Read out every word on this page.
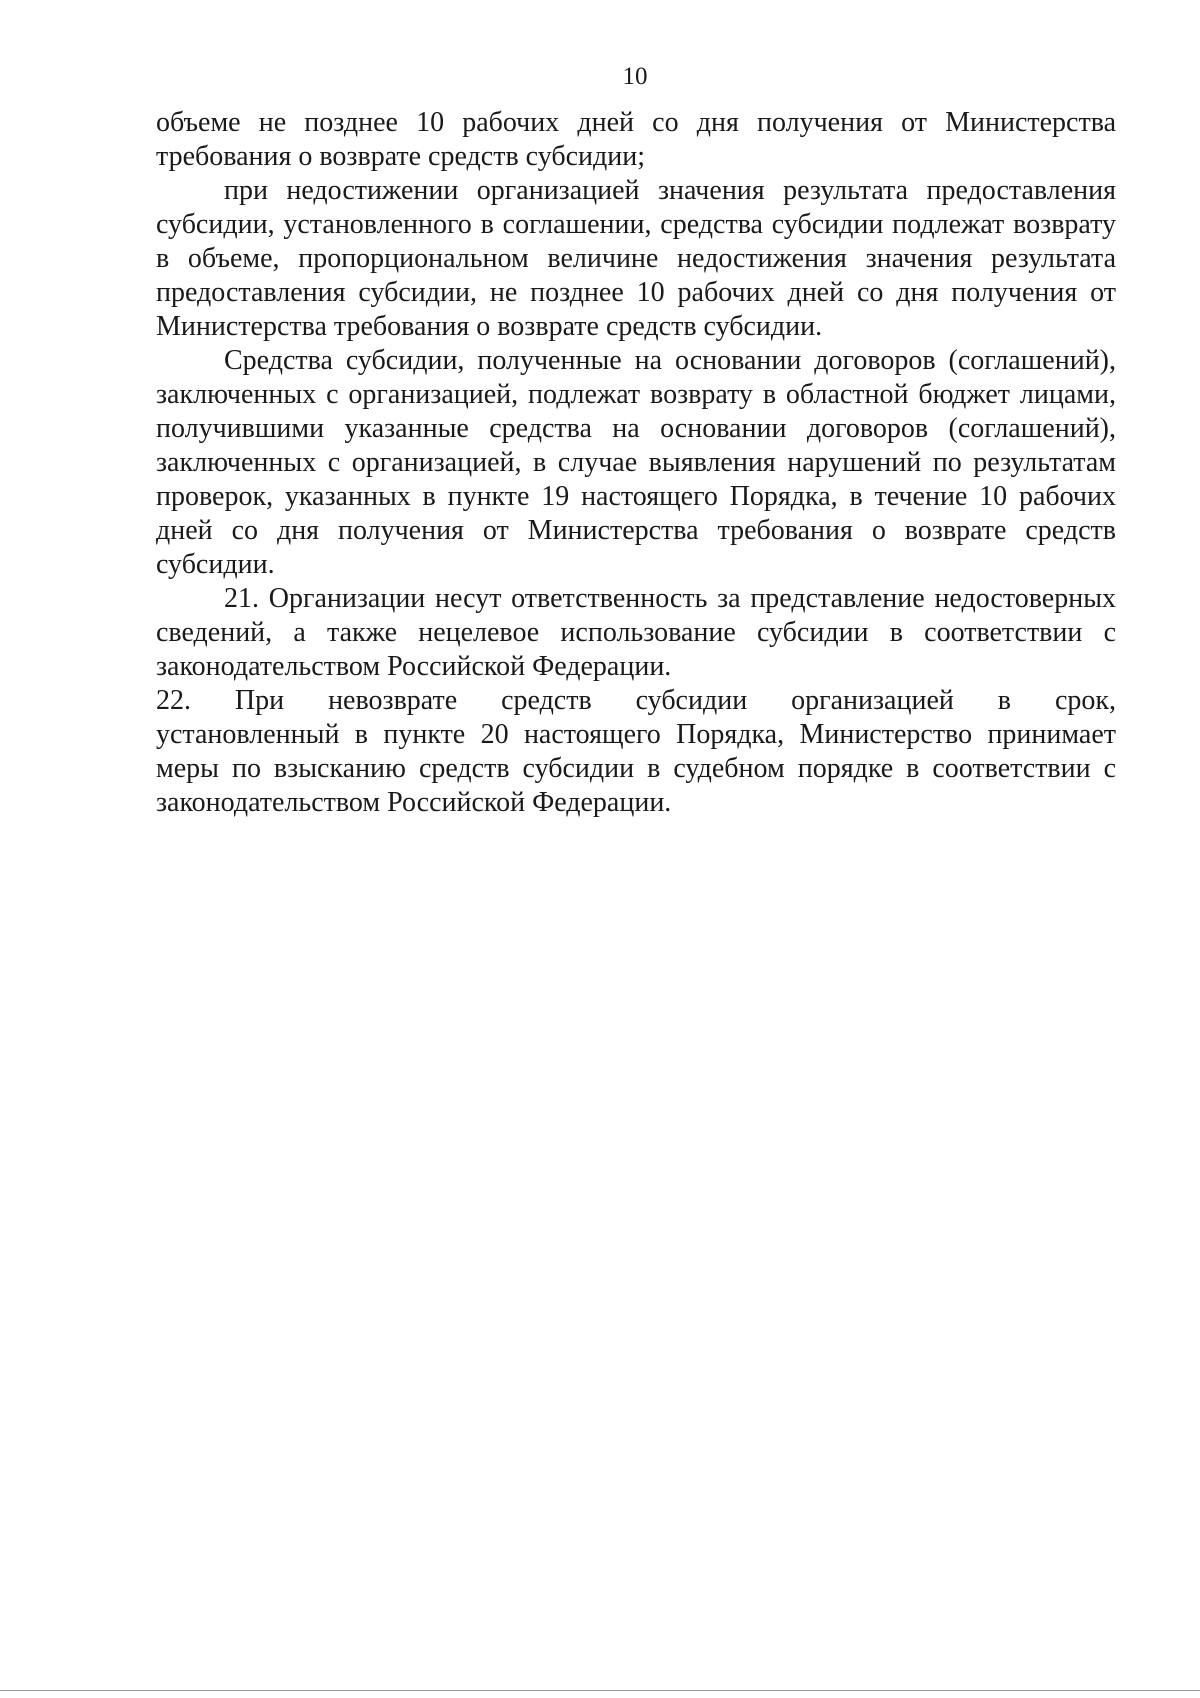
10

объеме не позднее 10 рабочих дней со дня получения от Министерства требования о возврате средств субсидии;

при недостижении организацией значения результата предоставления субсидии, установленного в соглашении, средства субсидии подлежат возврату в объеме, пропорциональном величине недостижения значения результата предоставления субсидии, не позднее 10 рабочих дней со дня получения от Министерства требования о возврате средств субсидии.

Средства субсидии, полученные на основании договоров (соглашений), заключенных с организацией, подлежат возврату в областной бюджет лицами, получившими указанные средства на основании договоров (соглашений), заключенных с организацией, в случае выявления нарушений по результатам проверок, указанных в пункте 19 настоящего Порядка, в течение 10 рабочих дней со дня получения от Министерства требования о возврате средств субсидии.

21. Организации несут ответственность за представление недостоверных сведений, а также нецелевое использование субсидии в соответствии с законодательством Российской Федерации.

22. При невозврате средств субсидии организацией в срок,
установленный в пункте 20 настоящего Порядка, Министерство принимает меры по взысканию средств субсидии в судебном порядке в соответствии с законодательством Российской Федерации.
